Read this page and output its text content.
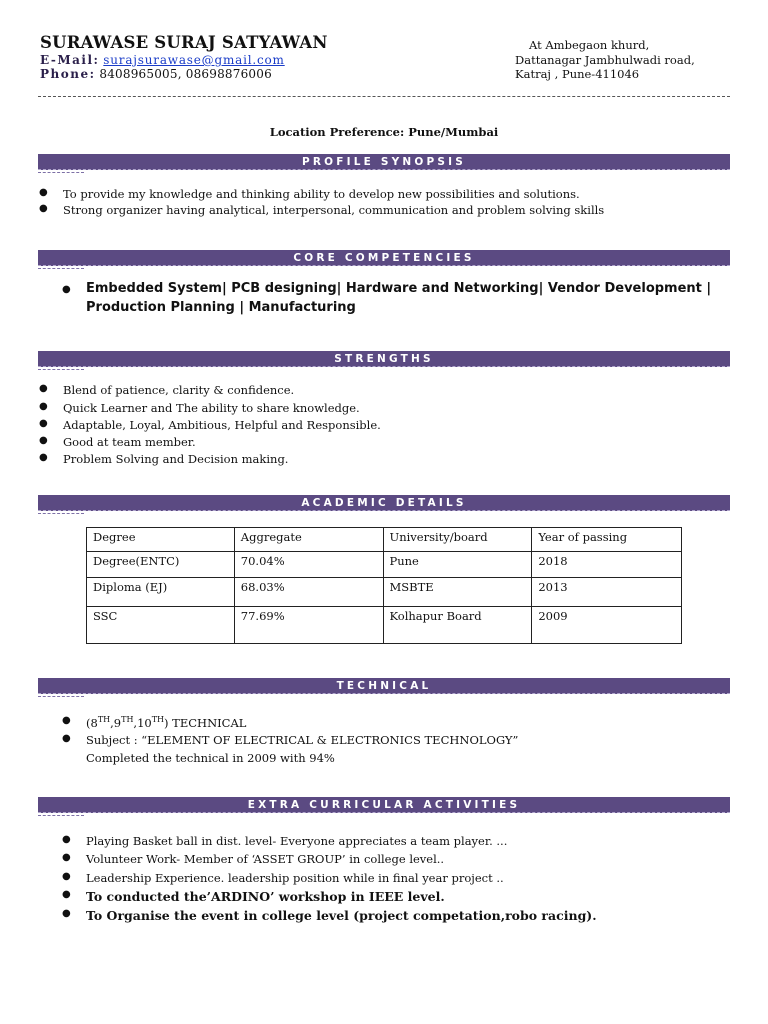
SURAWASE SURAJ SATYAWAN
E-Mail: surajsurawase@gmail.com
Phone: 8408965005, 08698876006
At Ambegaon khurd,
Dattanagar Jambhulwadi road,
Katraj , Pune-411046
Location Preference: Pune/Mumbai
PROFILE SYNOPSIS
● To provide my knowledge and thinking ability to develop new possibilities and solutions.
● Strong organizer having analytical, interpersonal, communication and problem solving skills
CORE COMPETENCIES
● Embedded System| PCB designing| Hardware and Networking| Vendor Development |
Production Planning | Manufacturing
STRENGTHS
● Blend of patience, clarity & confidence.
● Quick Learner and The ability to share knowledge.
● Adaptable, Loyal, Ambitious, Helpful and Responsible.
● Good at team member.
● Problem Solving and Decision making.
ACADEMIC DETAILS
Degree	Aggregate	University/board	Year of passing
Degree(ENTC)	70.04%	Pune	2018
Diploma (EJ)	68.03%	MSBTE	2013
SSC	77.69%	Kolhapur Board	2009
TECHNICAL
● (8TH,9TH,10TH) TECHNICAL
● Subject : “ELEMENT OF ELECTRICAL & ELECTRONICS TECHNOLOGY”
Completed the technical in 2009 with 94%
EXTRA CURRICULAR ACTIVITIES
● Playing Basket ball in dist. level- Everyone appreciates a team player. ...
● Volunteer Work- Member of ‘ASSET GROUP’ in college level..
● Leadership Experience. leadership position while in final year project ..
● To conducted the’ARDINO’ workshop in IEEE level.
● To Organise the event in college level (project competation,robo racing).
